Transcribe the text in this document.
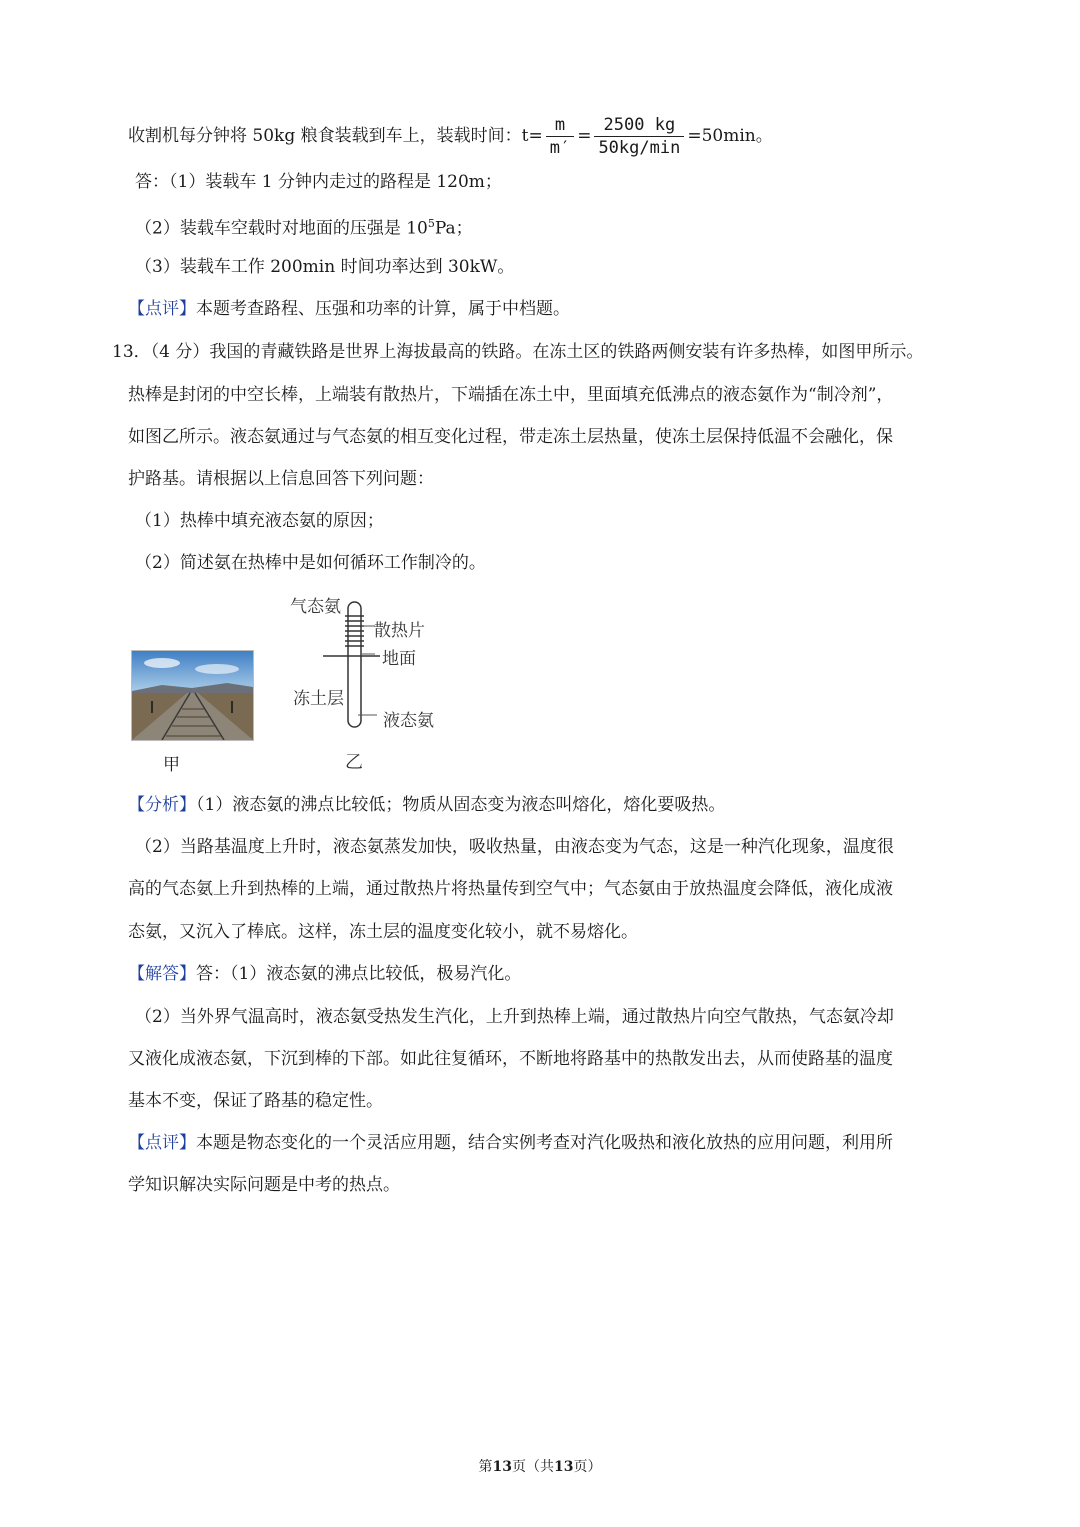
收割机每分钟将 50kg 粮食装载到车上，装载时间：$t= \frac{m}{m'} = \frac{2500 kg}{50kg/\min} =50\min$。
答：（1）装载车 1 分钟内走过的路程是 120m；
（2）装载车空载时对地面的压强是 $10^5Pa$；
（3）装载车工作 200min 时间功率达到 30kW。
【点评】本题考查路程、压强和功率的计算，属于中档题。
13．（4 分）我国的青藏铁路是世界上海拔最高的铁路。在冻土区的铁路两侧安装有许多热棒，如图甲所示。
热棒是封闭的中空长棒，上端装有散热片，下端插在冻土中，里面填充低沸点的液态氨作为“制冷剂”，
如图乙所示。液态氨通过与气态氨的相互变化过程，带走冻土层热量，使冻土层保持低温不会融化，保
护路基。请根据以上信息回答下列问题：
（1）热棒中填充液态氨的原因；
（2）简述氨在热棒中是如何循环工作制冷的。
甲
气态氨
散热片
地面
冻土层
液态氨
乙
【分析】（1）液态氨的沸点比较低；物质从固态变为液态叫熔化，熔化要吸热。
（2）当路基温度上升时，液态氨蒸发加快，吸收热量，由液态变为气态，这是一种汽化现象，温度很
高的气态氨上升到热棒的上端，通过散热片将热量传到空气中；气态氨由于放热温度会降低，液化成液
态氨，又沉入了棒底。这样，冻土层的温度变化较小，就不易熔化。
【解答】答：（1）液态氨的沸点比较低，极易汽化。
（2）当外界气温高时，液态氨受热发生汽化，上升到热棒上端，通过散热片向空气散热，气态氨冷却
又液化成液态氨，下沉到棒的下部。如此往复循环，不断地将路基中的热散发出去，从而使路基的温度
基本不变，保证了路基的稳定性。
【点评】本题是物态变化的一个灵活应用题，结合实例考查对汽化吸热和液化放热的应用问题，利用所
学知识解决实际问题是中考的热点。
第13页（共13页）
